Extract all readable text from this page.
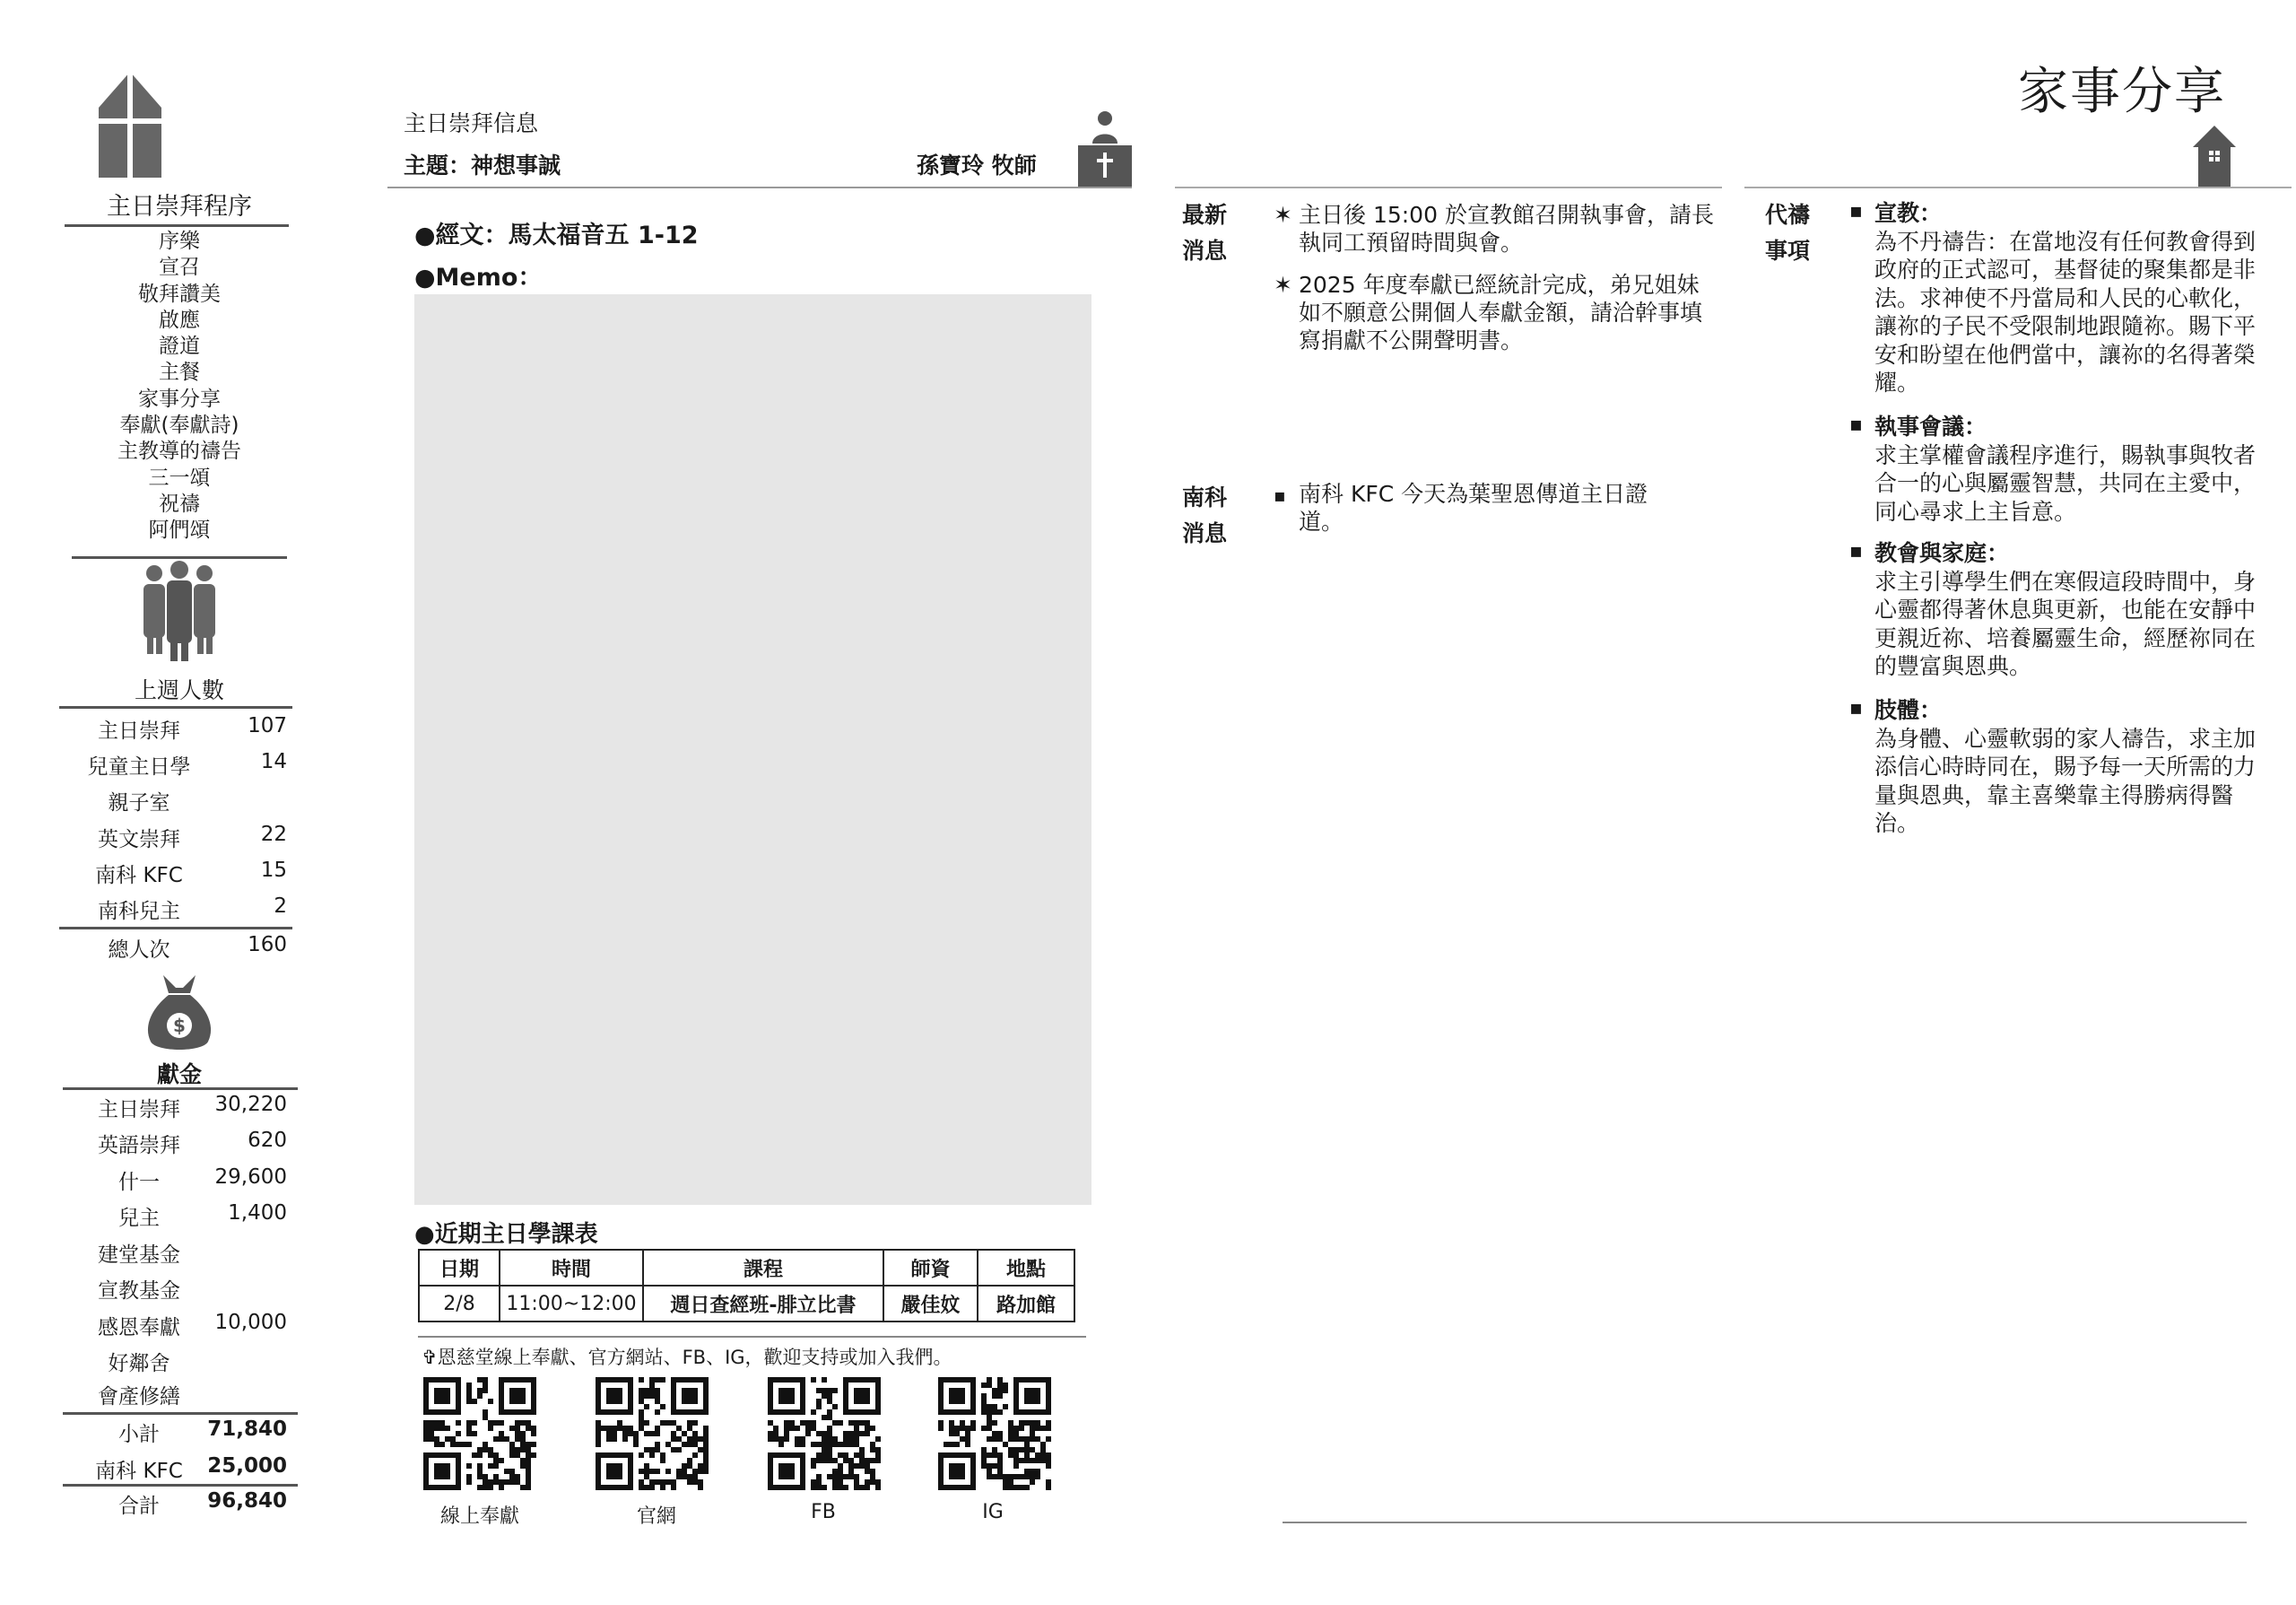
主日崇拜程序
序樂
宣召
敬拜讚美
啟應
證道
主餐
家事分享
奉獻(奉獻詩)
主教導的禱告
三一頌
祝禱
阿們頌
上週人數
主日崇拜	107
兒童主日學	14
親子室
英文崇拜	22
南科 KFC	15
南科兒主	2
總人次	160
$
獻金
主日崇拜	30,220
英語崇拜	620
什一	29,600
兒主	1,400
建堂基金
宣教基金
感恩奉獻	10,000
好鄰舍
會產修繕
小計	71,840
南科 KFC	25,000
合計	96,840
主日崇拜信息
主題：神想事誠	孫寶玲 牧師
●經文：馬太福音五 1-12
●Memo：
●近期主日學課表
日期	時間	課程	師資	地點
2/8	11:00~12:00	週日查經班-腓立比書	嚴佳妏	路加館
✞恩慈堂線上奉獻、官方網站、FB、IG，歡迎支持或加入我們。
線上奉獻	官網	FB	IG
家事分享
最新
消息
✶ 主日後 15:00 於宣教館召開執事會，請長執同工預留時間與會。
✶ 2025 年度奉獻已經統計完成，弟兄姐妹如不願意公開個人奉獻金額，請洽幹事填寫捐獻不公開聲明書。
南科
消息
▪ 南科 KFC 今天為葉聖恩傳道主日證道。
代禱
事項
▪ 宣教：
為不丹禱告：在當地沒有任何教會得到政府的正式認可，基督徒的聚集都是非法。求神使不丹當局和人民的心軟化，讓祢的子民不受限制地跟隨祢。賜下平安和盼望在他們當中，讓祢的名得著榮耀。
▪ 執事會議：
求主掌權會議程序進行，賜執事與牧者合一的心與屬靈智慧，共同在主愛中，同心尋求上主旨意。
▪ 教會與家庭：
求主引導學生們在寒假這段時間中，身心靈都得著休息與更新，也能在安靜中更親近祢、培養屬靈生命，經歷祢同在的豐富與恩典。
▪ 肢體：
為身體、心靈軟弱的家人禱告，求主加添信心時時同在，賜予每一天所需的力量與恩典，靠主喜樂靠主得勝病得醫治。
